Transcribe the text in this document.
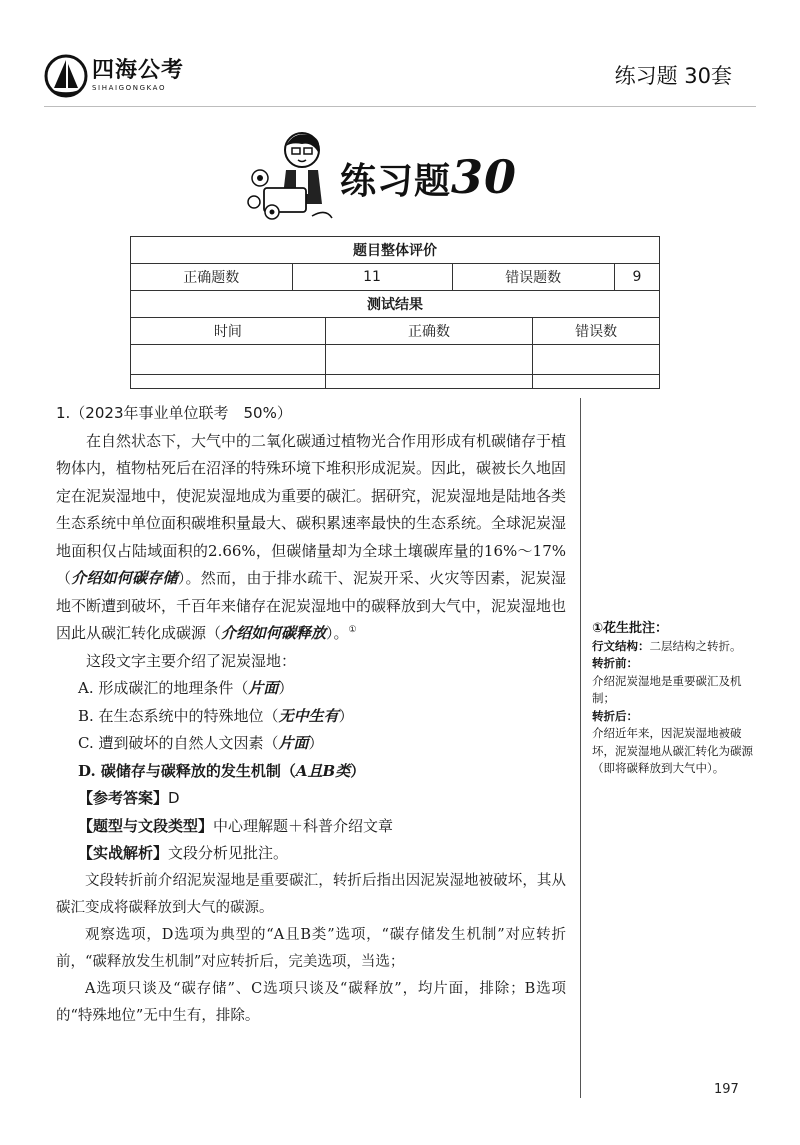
四海公考
SIHAIGONGKAO	练习题 30套
练习题30
题目整体评价					
正确题数	11		错误题数		9
测试结果					
时间		正确数		错误数	

1.（2023年事业单位联考　50%）
在自然状态下，大气中的二氧化碳通过植物光合作用形成有机碳储存于植物体内，植物枯死后在沼泽的特殊环境下堆积形成泥炭。因此，碳被长久地固定在泥炭湿地中，使泥炭湿地成为重要的碳汇。据研究，泥炭湿地是陆地各类生态系统中单位面积碳堆积量最大、碳积累速率最快的生态系统。全球泥炭湿地面积仅占陆域面积的2.66%，但碳储量却为全球土壤碳库量的16%～17%（介绍如何碳存储）。然而，由于排水疏干、泥炭开采、火灾等因素，泥炭湿地不断遭到破坏，千百年来储存在泥炭湿地中的碳释放到大气中，泥炭湿地也因此从碳汇转化成碳源（介绍如何碳释放）。①
这段文字主要介绍了泥炭湿地：
A. 形成碳汇的地理条件（片面）
B. 在生态系统中的特殊地位（无中生有）
C. 遭到破坏的自然人文因素（片面）
D. 碳储存与碳释放的发生机制（A且B类）
【参考答案】D
【题型与文段类型】中心理解题＋科普介绍文章
【实战解析】文段分析见批注。
文段转折前介绍泥炭湿地是重要碳汇，转折后指出因泥炭湿地被破坏，其从碳汇变成将碳释放到大气的碳源。
观察选项，D选项为典型的“A且B类”选项，“碳存储发生机制”对应转折前，“碳释放发生机制”对应转折后，完美选项，当选；
A选项只谈及“碳存储”、C选项只谈及“碳释放”，均片面，排除；B选项的“特殊地位”无中生有，排除。
①花生批注：
行文结构：二层结构之转折。
转折前：
介绍泥炭湿地是重要碳汇及机制；
转折后：
介绍近年来，因泥炭湿地被破坏，泥炭湿地从碳汇转化为碳源（即将碳释放到大气中）。
197
